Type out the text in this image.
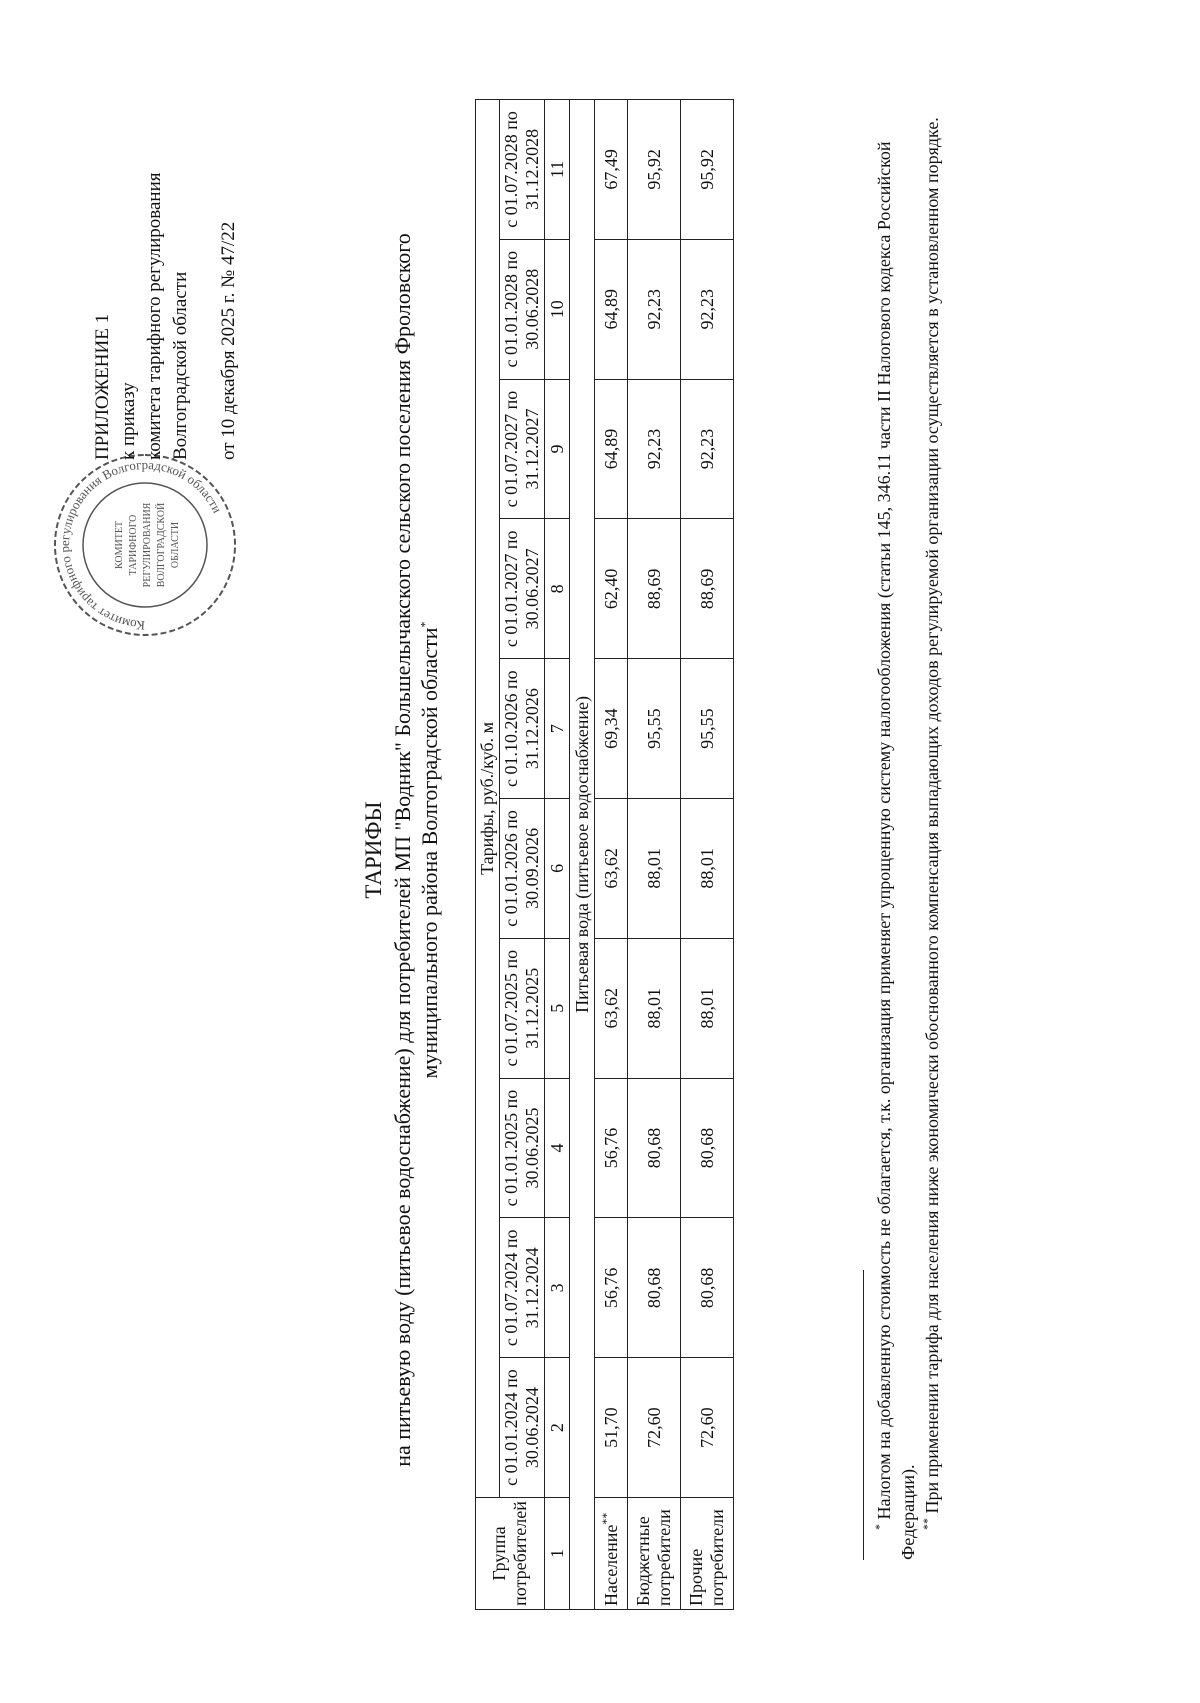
Комитет тарифного регулирования Волгоградской области
КОМИТЕТ ТАРИФНОГО РЕГУЛИРОВАНИЯ ВОЛГОГРАДСКОЙ ОБЛАСТИ
ПРИЛОЖЕНИЕ 1 к приказу комитета тарифного регулирования Волгоградской области от 10 декабря 2025 г. № 47/22
ТАРИФЫ на питьевую воду (питьевое водоснабжение) для потребителей МП "Водник" Большелычакского сельского поселения Фроловского муниципального района Волгоградской области*
Группа потребителей	Тарифы, руб./куб. м									
	с 01.01.2024 по 30.06.2024	с 01.07.2024 по 31.12.2024	с 01.01.2025 по 30.06.2025	с 01.07.2025 по 31.12.2025	с 01.01.2026 по 30.09.2026	с 01.10.2026 по 31.12.2026	с 01.01.2027 по 30.06.2027	с 01.07.2027 по 31.12.2027	с 01.01.2028 по 30.06.2028	с 01.07.2028 по 31.12.2028
1	2	3	4	5	6	7	8	9	10	11
Питьевая вода (питьевое водоснабжение)										
Население**	51,70	56,76	56,76	63,62	63,62	69,34	62,40	64,89	64,89	67,49
Бюджетные потребители	72,60	80,68	80,68	88,01	88,01	95,55	88,69	92,23	92,23	95,92
Прочие потребители	72,60	80,68	80,68	88,01	88,01	95,55	88,69	92,23	92,23	95,92

* Налогом на добавленную стоимость не облагается, т.к. организация применяет упрощенную систему налогообложения (статьи 145, 346.11 части II Налогового кодекса Российской Федерации). ** При применении тарифа для населения ниже экономически обоснованного компенсация выпадающих доходов регулируемой организации осуществляется в установленном порядке.
